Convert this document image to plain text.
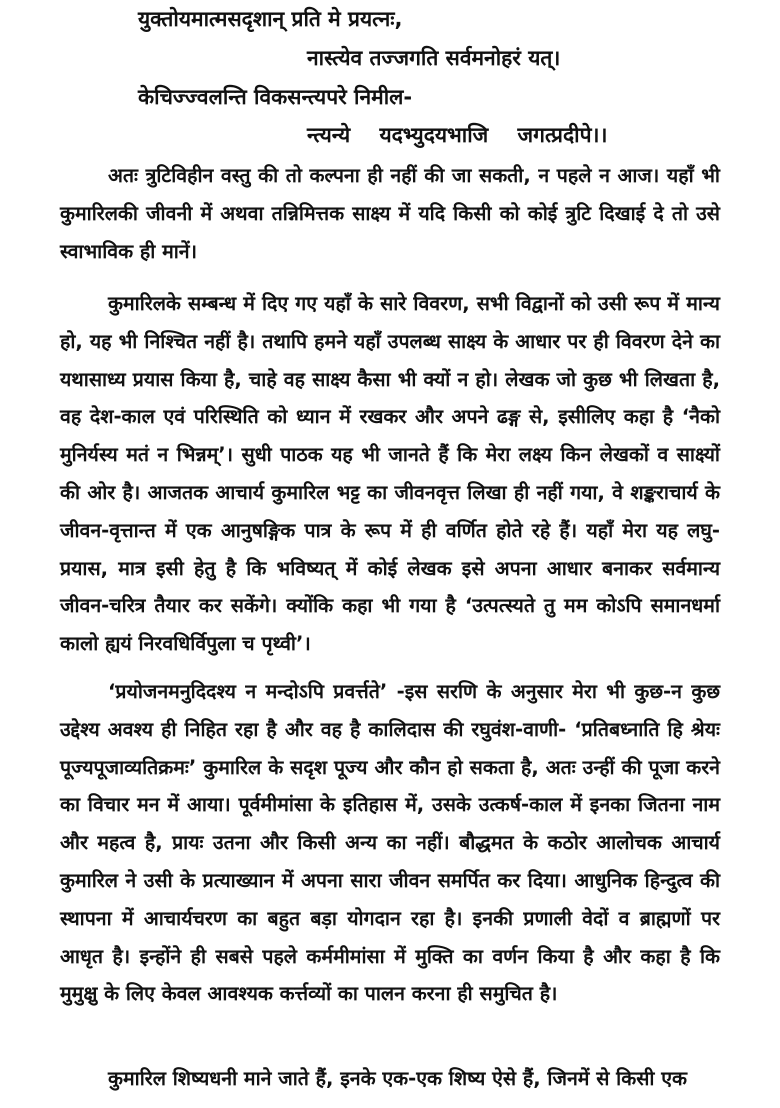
युक्तोयमात्मसदृशान् प्रति मे प्रयत्नः,
नास्त्येव तज्जगति सर्वमनोहरं यत्।
केचिज्ज्वलन्ति विकसन्त्यपरे निमील-
न्त्यन्ये यदभ्युदयभाजि जगत्प्रदीपे।।

अतः त्रुटिविहीन वस्तु की तो कल्पना ही नहीं की जा सकती, न पहले न आज। यहाँ भी कुमारिलकी जीवनी में अथवा तन्निमित्तक साक्ष्य में यदि किसी को कोई त्रुटि दिखाई दे तो उसे स्वाभाविक ही मानें।

कुमारिलके सम्बन्ध में दिए गए यहाँ के सारे विवरण, सभी विद्वानों को उसी रूप में मान्य हो, यह भी निश्चित नहीं है। तथापि हमने यहाँ उपलब्ध साक्ष्य के आधार पर ही विवरण देने का यथासाध्य प्रयास किया है, चाहे वह साक्ष्य कैसा भी क्यों न हो। लेखक जो कुछ भी लिखता है, वह देश-काल एवं परिस्थिति को ध्यान में रखकर और अपने ढङ्ग से, इसीलिए कहा है ‘नैको मुनिर्यस्य मतं न भिन्नम्’। सुधी पाठक यह भी जानते हैं कि मेरा लक्ष्य किन लेखकों व साक्ष्यों की ओर है। आजतक आचार्य कुमारिल भट्ट का जीवनवृत्त लिखा ही नहीं गया, वे शङ्कराचार्य के जीवन-वृत्तान्त में एक आनुषङ्गिक पात्र के रूप में ही वर्णित होते रहे हैं। यहाँ मेरा यह लघु-प्रयास, मात्र इसी हेतु है कि भविष्यत् में कोई लेखक इसे अपना आधार बनाकर सर्वमान्य जीवन-चरित्र तैयार कर सकेंगे। क्योंकि कहा भी गया है ‘उत्पत्स्यते तु मम कोऽपि समानधर्मा कालो ह्ययं निरवधिर्विपुला च पृथ्वी’।

‘प्रयोजनमनुदिदश्य न मन्दोऽपि प्रवर्त्तते’ -इस सरणि के अनुसार मेरा भी कुछ-न कुछ उद्देश्य अवश्य ही निहित रहा है और वह है कालिदास की रघुवंश-वाणी- ‘प्रतिबध्नाति हि श्रेयः पूज्यपूजाव्यतिक्रमः’ कुमारिल के सदृश पूज्य और कौन हो सकता है, अतः उन्हीं की पूजा करने का विचार मन में आया। पूर्वमीमांसा के इतिहास में, उसके उत्कर्ष-काल में इनका जितना नाम और महत्व है, प्रायः उतना और किसी अन्य का नहीं। बौद्धमत के कठोर आलोचक आचार्य कुमारिल ने उसी के प्रत्याख्यान में अपना सारा जीवन समर्पित कर दिया। आधुनिक हिन्दुत्व की स्थापना में आचार्यचरण का बहुत बड़ा योगदान रहा है। इनकी प्रणाली वेदों व ब्राह्मणों पर आधृत है। इन्होंने ही सबसे पहले कर्ममीमांसा में मुक्ति का वर्णन किया है और कहा है कि मुमुक्षु के लिए केवल आवश्यक कर्त्तव्यों का पालन करना ही समुचित है।

कुमारिल शिष्यधनी माने जाते हैं, इनके एक-एक शिष्य ऐसे हैं, जिनमें से किसी एक
